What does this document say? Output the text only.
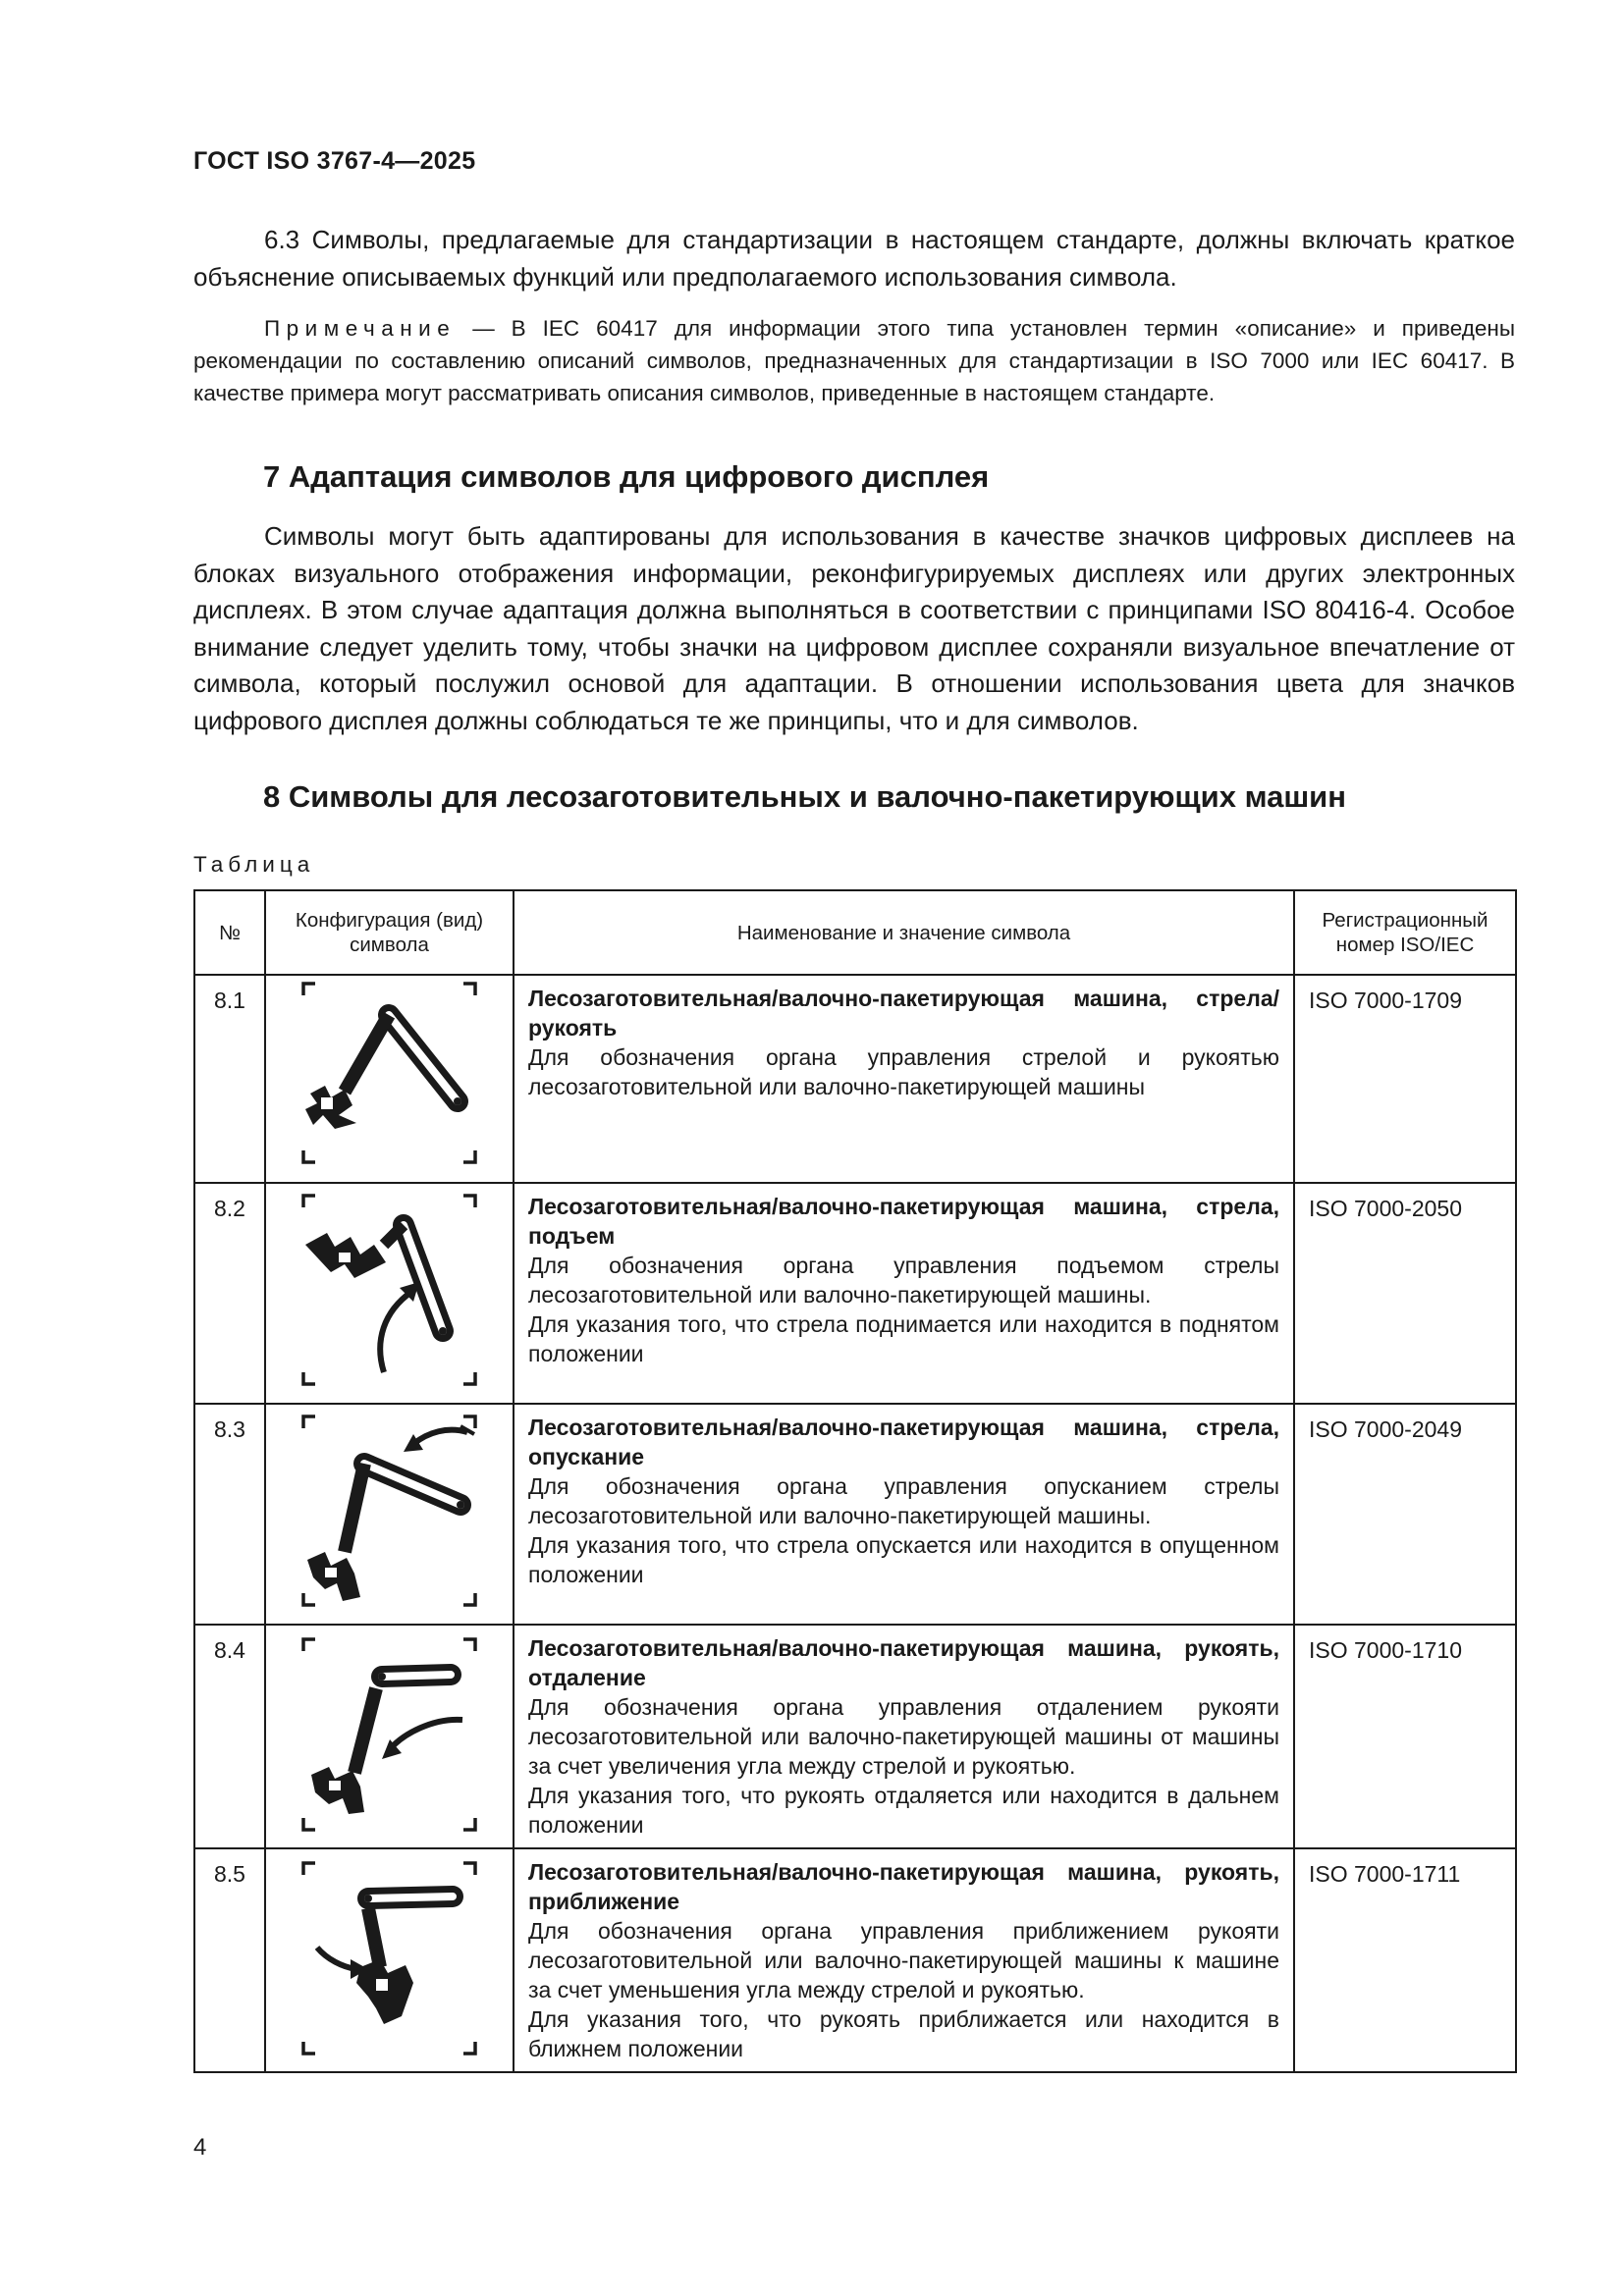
ГОСТ ISO 3767-4—2025

6.3 Символы, предлагаемые для стандартизации в настоящем стандарте, должны включать краткое объяснение описываемых функций или предполагаемого использования символа.

Примечание — В IEC 60417 для информации этого типа установлен термин «описание» и приведены рекомендации по составлению описаний символов, предназначенных для стандартизации в ISO 7000 или IEC 60417. В качестве примера могут рассматривать описания символов, приведенные в настоящем стандарте.

7 Адаптация символов для цифрового дисплея

Символы могут быть адаптированы для использования в качестве значков цифровых дисплеев на блоках визуального отображения информации, реконфигурируемых дисплеях или других электронных дисплеях. В этом случае адаптация должна выполняться в соответствии с принципами ISO 80416-4. Особое внимание следует уделить тому, чтобы значки на цифровом дисплее сохраняли визуальное впечатление от символа, который послужил основой для адаптации. В отношении использования цвета для значков цифрового дисплея должны соблюдаться те же принципы, что и для символов.

8 Символы для лесозаготовительных и валочно-пакетирующих машин
Таблица
№	Конфигурация (вид) символа	Наименование и значение символа	Регистрационный номер ISO/IEC
8.1		Лесозаготовительная/валочно-пакетирующая машина, стрела/рукоять
Для обозначения органа управления стрелой и рукоятью лесозаготовительной или валочно-пакетирующей машины	ISO 7000-1709
8.2		Лесозаготовительная/валочно-пакетирующая машина, стрела, подъем
Для обозначения органа управления подъемом стрелы лесозаготовительной или валочно-пакетирующей машины.
Для указания того, что стрела поднимается или находится в поднятом положении	ISO 7000-2050
8.3		Лесозаготовительная/валочно-пакетирующая машина, стрела, опускание
Для обозначения органа управления опусканием стрелы лесозаготовительной или валочно-пакетирующей машины.
Для указания того, что стрела опускается или находится в опущенном положении	ISO 7000-2049
8.4		Лесозаготовительная/валочно-пакетирующая машина, рукоять, отдаление
Для обозначения органа управления отдалением рукояти лесозаготовительной или валочно-пакетирующей машины от машины за счет увеличения угла между стрелой и рукоятью.
Для указания того, что рукоять отдаляется или находится в дальнем положении	ISO 7000-1710
8.5		Лесозаготовительная/валочно-пакетирующая машина, рукоять, приближение
Для обозначения органа управления приближением рукояти лесозаготовительной или валочно-пакетирующей машины к машине за счет уменьшения угла между стрелой и рукоятью.
Для указания того, что рукоять приближается или находится в ближнем положении	ISO 7000-1711
4
